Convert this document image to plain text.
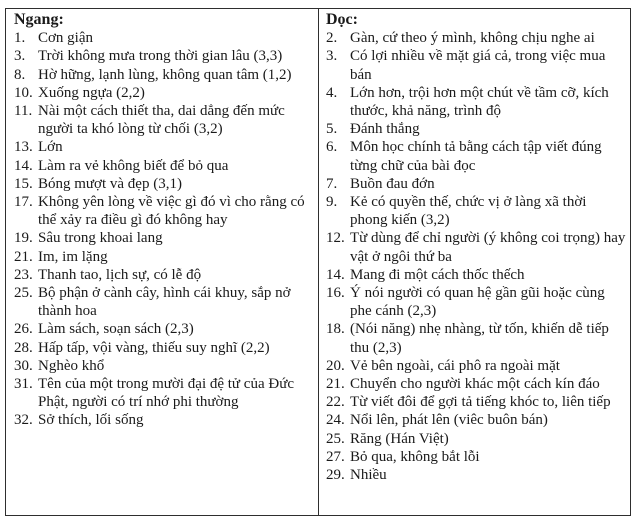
Ngang:
1. Cơn giận
3. Trời không mưa trong thời gian lâu (3,3)
8. Hờ hững, lạnh lùng, không quan tâm (1,2)
10. Xuống ngựa (2,2)
11. Nài một cách thiết tha, dai dẳng đến mức người ta khó lòng từ chối (3,2)
13. Lớn
14. Làm ra vẻ không biết để bỏ qua
15. Bóng mượt và đẹp (3,1)
17. Không yên lòng về việc gì đó vì cho rằng có thể xảy ra điều gì đó không hay
19. Sâu trong khoai lang
21. Im, im lặng
23. Thanh tao, lịch sự, có lễ độ
25. Bộ phận ở cành cây, hình cái khuy, sắp nở thành hoa
26. Làm sách, soạn sách (2,3)
28. Hấp tấp, vội vàng, thiếu suy nghĩ (2,2)
30. Nghèo khổ
31. Tên của một trong mười đại đệ tử của Đức Phật, người có trí nhớ phi thường
32. Sở thích, lối sống
Dọc:
2. Gàn, cứ theo ý mình, không chịu nghe ai
3. Có lợi nhiều về mặt giá cả, trong việc mua bán
4. Lớn hơn, trội hơn một chút về tầm cỡ, kích thước, khả năng, trình độ
5. Đánh thắng
6. Môn học chính tả bằng cách tập viết đúng từng chữ của bài đọc
7. Buồn đau đớn
9. Kẻ có quyền thế, chức vị ở làng xã thời phong kiến (3,2)
12. Từ dùng để chỉ người (ý không coi trọng) hay vật ở ngôi thứ ba
14. Mang đi một cách thốc thếch
16. Ý nói người có quan hệ gần gũi hoặc cùng phe cánh (2,3)
18. (Nói năng) nhẹ nhàng, từ tốn, khiến dễ tiếp thu (2,3)
20. Vẻ bên ngoài, cái phô ra ngoài mặt
21. Chuyển cho người khác một cách kín đáo
22. Từ viết đôi để gợi tả tiếng khóc to, liên tiếp
24. Nổi lên, phát lên (viêc buôn bán)
25. Răng (Hán Việt)
27. Bỏ qua, không bắt lỗi
29. Nhiều
